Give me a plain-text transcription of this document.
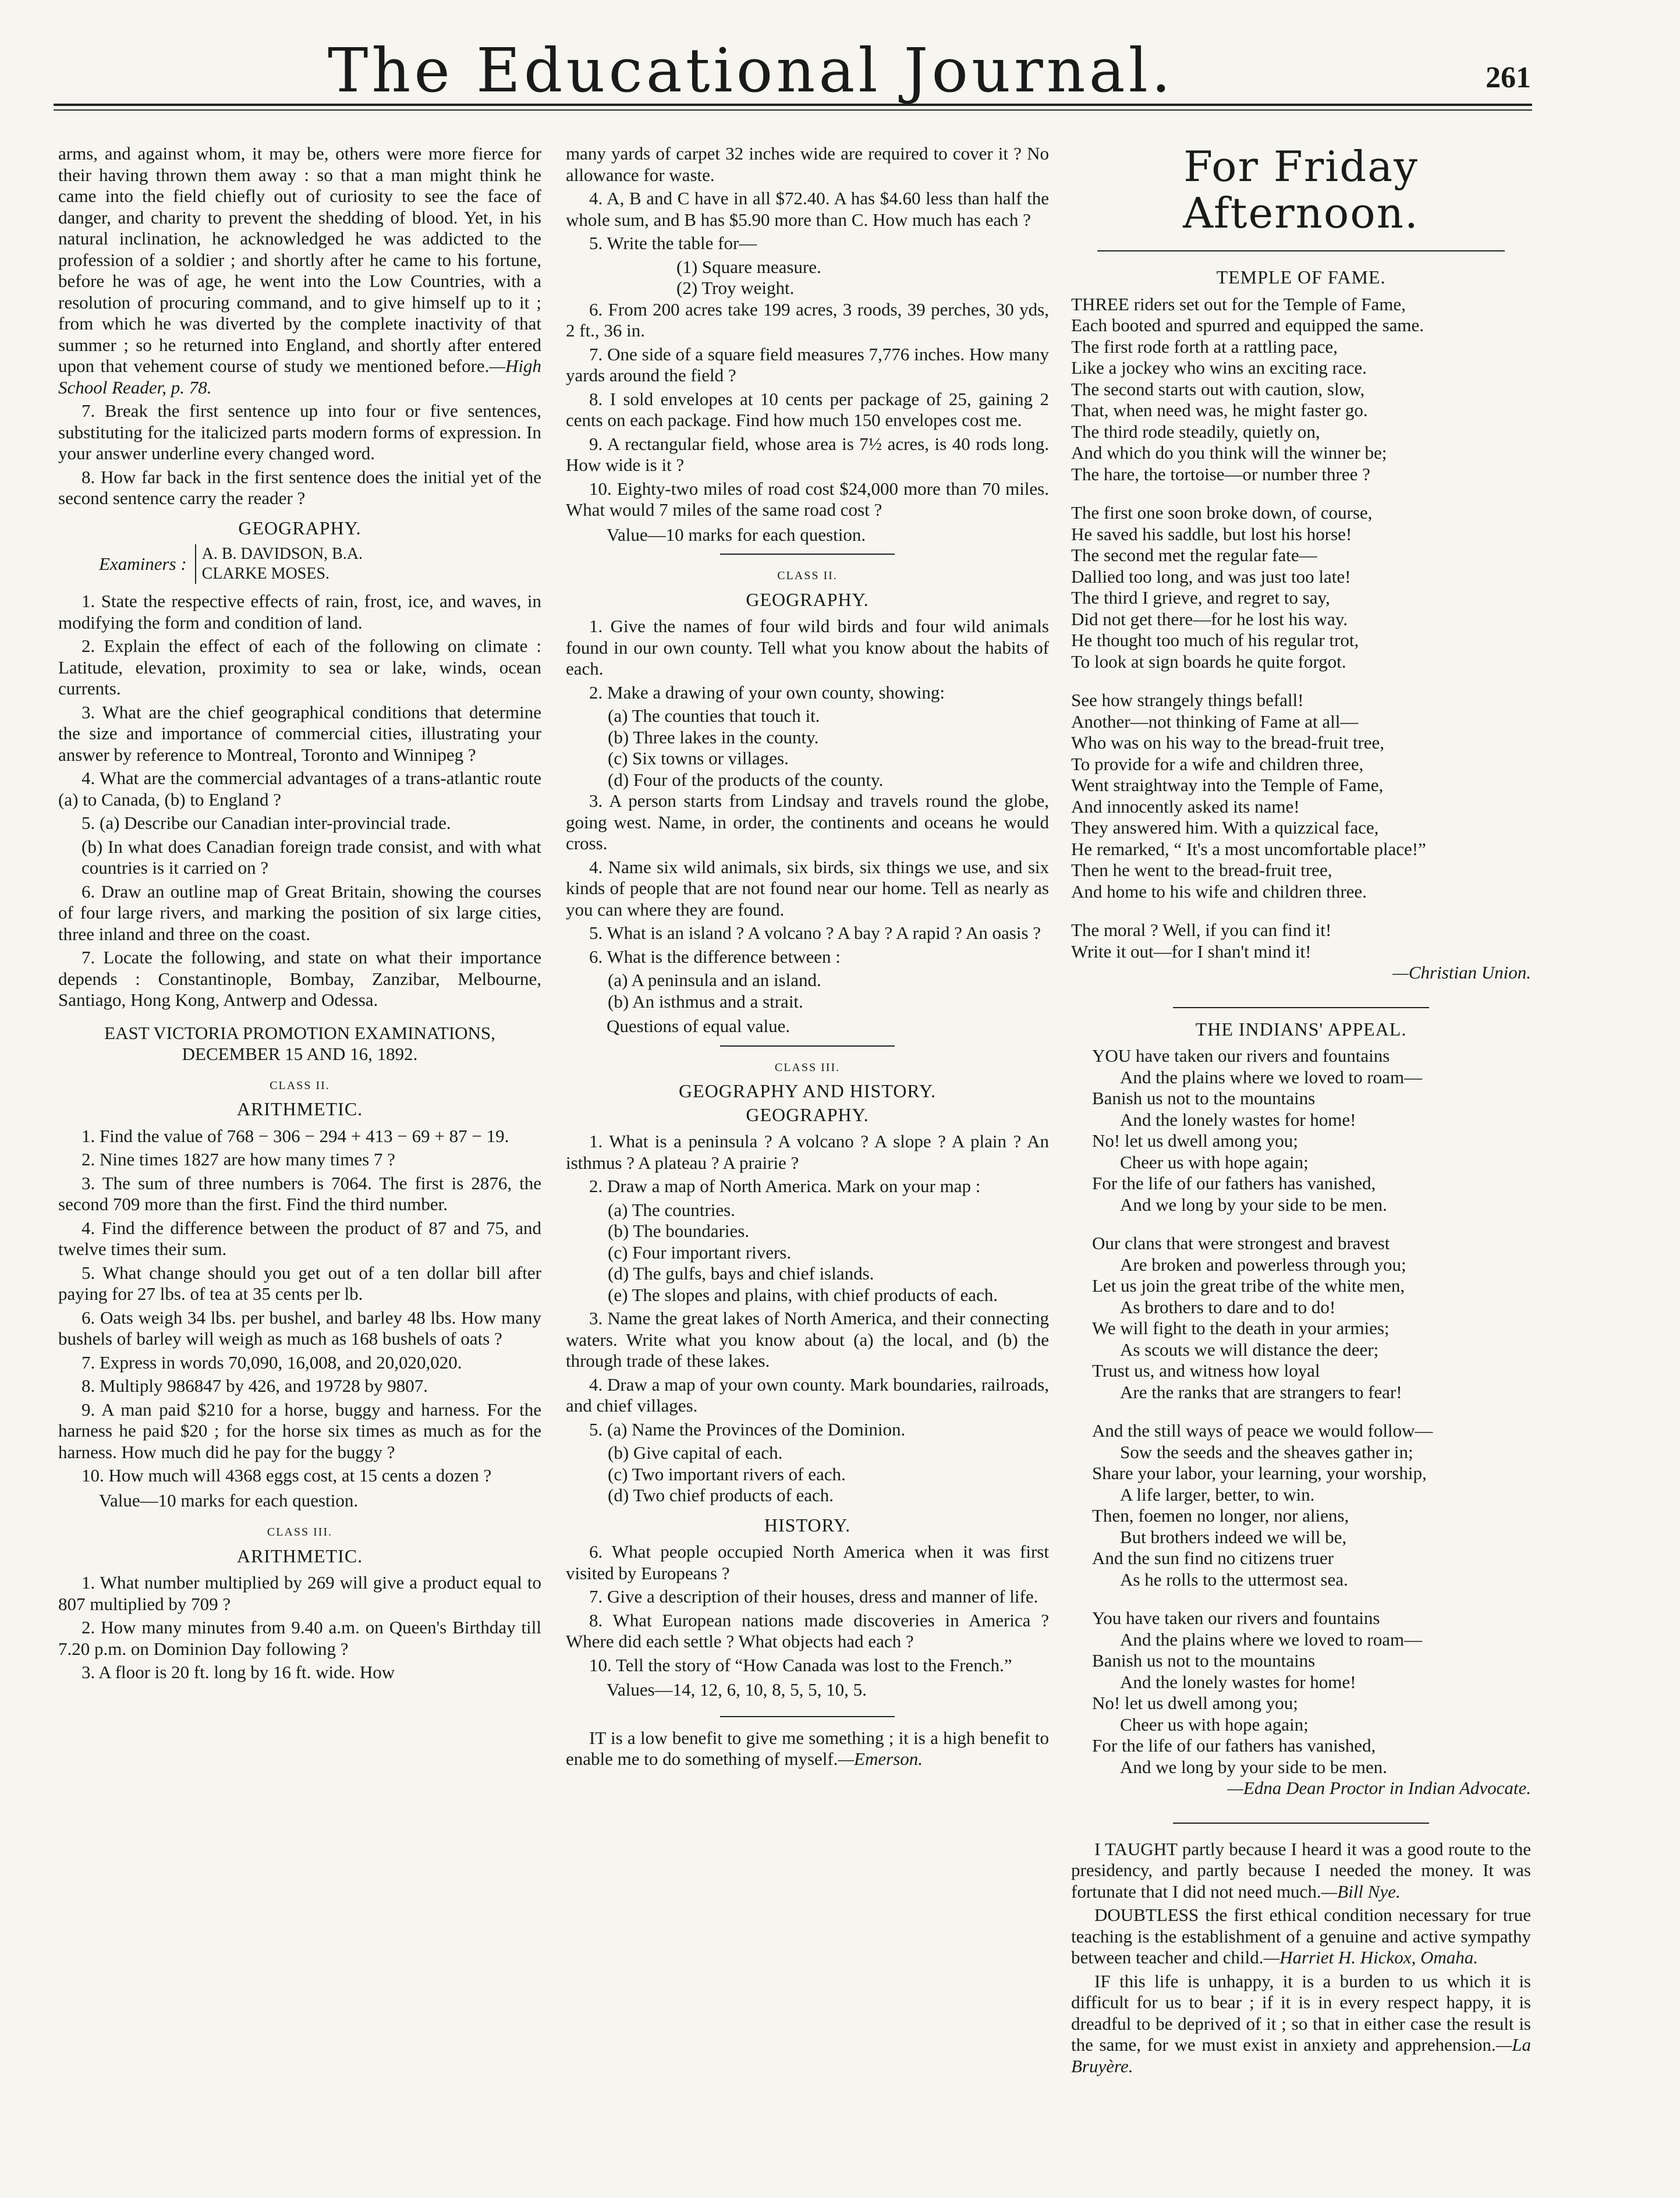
The Educational Journal.	261

arms, and against whom, it may be, others were more fierce for their having thrown them away : so that a man might think he came into the field chiefly out of curiosity to see the face of danger, and charity to prevent the shedding of blood. Yet, in his natural inclination, he acknowledged he was addicted to the profession of a soldier ; and shortly after he came to his fortune, before he was of age, he went into the Low Countries, with a resolution of procuring command, and to give himself up to it ; from which he was diverted by the complete inactivity of that summer ; so he returned into England, and shortly after entered upon that vehement course of study we mentioned before.—High School Reader, p. 78.

7. Break the first sentence up into four or five sentences, substituting for the italicized parts modern forms of expression. In your answer underline every changed word.

8. How far back in the first sentence does the initial yet of the second sentence carry the reader ?

GEOGRAPHY.
Examiners : A. B. DAVIDSON, B.A.
CLARKE MOSES.

1. State the respective effects of rain, frost, ice, and waves, in modifying the form and condition of land.

2. Explain the effect of each of the following on climate : Latitude, elevation, proximity to sea or lake, winds, ocean currents.

3. What are the chief geographical conditions that determine the size and importance of commercial cities, illustrating your answer by reference to Montreal, Toronto and Winnipeg ?

4. What are the commercial advantages of a trans-atlantic route (a) to Canada, (b) to England ?

5. (a) Describe our Canadian inter-provincial trade.

(b) In what does Canadian foreign trade consist, and with what countries is it carried on ?

6. Draw an outline map of Great Britain, showing the courses of four large rivers, and marking the position of six large cities, three inland and three on the coast.

7. Locate the following, and state on what their importance depends : Constantinople, Bombay, Zanzibar, Melbourne, Santiago, Hong Kong, Antwerp and Odessa.

EAST VICTORIA PROMOTION EXAMINATIONS, DECEMBER 15 AND 16, 1892.
CLASS II.
ARITHMETIC.

1. Find the value of 768 − 306 − 294 + 413 − 69 + 87 − 19.

2. Nine times 1827 are how many times 7 ?

3. The sum of three numbers is 7064. The first is 2876, the second 709 more than the first. Find the third number.

4. Find the difference between the product of 87 and 75, and twelve times their sum.

5. What change should you get out of a ten dollar bill after paying for 27 lbs. of tea at 35 cents per lb.

6. Oats weigh 34 lbs. per bushel, and barley 48 lbs. How many bushels of barley will weigh as much as 168 bushels of oats ?

7. Express in words 70,090, 16,008, and 20,020,020.

8. Multiply 986847 by 426, and 19728 by 9807.

9. A man paid $210 for a horse, buggy and harness. For the harness he paid $20 ; for the horse six times as much as for the harness. How much did he pay for the buggy ?

10. How much will 4368 eggs cost, at 15 cents a dozen ?

Value—10 marks for each question.

CLASS III.
ARITHMETIC.

1. What number multiplied by 269 will give a product equal to 807 multiplied by 709 ?

2. How many minutes from 9.40 a.m. on Queen's Birthday till 7.20 p.m. on Dominion Day following ?

3. A floor is 20 ft. long by 16 ft. wide. How

many yards of carpet 32 inches wide are required to cover it ? No allowance for waste.

4. A, B and C have in all $72.40. A has $4.60 less than half the whole sum, and B has $5.90 more than C. How much has each ?

5. Write the table for—

(1) Square measure.

(2) Troy weight.

6. From 200 acres take 199 acres, 3 roods, 39 perches, 30 yds, 2 ft., 36 in.

7. One side of a square field measures 7,776 inches. How many yards around the field ?

8. I sold envelopes at 10 cents per package of 25, gaining 2 cents on each package. Find how much 150 envelopes cost me.

9. A rectangular field, whose area is 7½ acres, is 40 rods long. How wide is it ?

10. Eighty-two miles of road cost $24,000 more than 70 miles. What would 7 miles of the same road cost ?

Value—10 marks for each question.

CLASS II.
GEOGRAPHY.

1. Give the names of four wild birds and four wild animals found in our own county. Tell what you know about the habits of each.

2. Make a drawing of your own county, showing:

(a) The counties that touch it.

(b) Three lakes in the county.

(c) Six towns or villages.

(d) Four of the products of the county.

3. A person starts from Lindsay and travels round the globe, going west. Name, in order, the continents and oceans he would cross.

4. Name six wild animals, six birds, six things we use, and six kinds of people that are not found near our home. Tell as nearly as you can where they are found.

5. What is an island ? A volcano ? A bay ? A rapid ? An oasis ?

6. What is the difference between :

(a) A peninsula and an island.

(b) An isthmus and a strait.

Questions of equal value.

CLASS III.
GEOGRAPHY AND HISTORY.
GEOGRAPHY.

1. What is a peninsula ? A volcano ? A slope ? A plain ? An isthmus ? A plateau ? A prairie ?

2. Draw a map of North America. Mark on your map :

(a) The countries.

(b) The boundaries.

(c) Four important rivers.

(d) The gulfs, bays and chief islands.

(e) The slopes and plains, with chief products of each.

3. Name the great lakes of North America, and their connecting waters. Write what you know about (a) the local, and (b) the through trade of these lakes.

4. Draw a map of your own county. Mark boundaries, railroads, and chief villages.

5. (a) Name the Provinces of the Dominion.

(b) Give capital of each.

(c) Two important rivers of each.

(d) Two chief products of each.

HISTORY.

6. What people occupied North America when it was first visited by Europeans ?

7. Give a description of their houses, dress and manner of life.

8. What European nations made discoveries in America ? Where did each settle ? What objects had each ?

10. Tell the story of “How Canada was lost to the French.”

Values—14, 12, 6, 10, 8, 5, 5, 10, 5.

IT is a low benefit to give me something ; it is a high benefit to enable me to do something of myself.—Emerson.

For Friday Afternoon.
TEMPLE OF FAME.
THREE riders set out for the Temple of Fame,
Each booted and spurred and equipped the same.
The first rode forth at a rattling pace,
Like a jockey who wins an exciting race.
The second starts out with caution, slow,
That, when need was, he might faster go.
The third rode steadily, quietly on,
And which do you think will the winner be;
The hare, the tortoise—or number three ?
The first one soon broke down, of course,
He saved his saddle, but lost his horse!
The second met the regular fate—
Dallied too long, and was just too late!
The third I grieve, and regret to say,
Did not get there—for he lost his way.
He thought too much of his regular trot,
To look at sign boards he quite forgot.
See how strangely things befall!
Another—not thinking of Fame at all—
Who was on his way to the bread-fruit tree,
To provide for a wife and children three,
Went straightway into the Temple of Fame,
And innocently asked its name!
They answered him. With a quizzical face,
He remarked, “ It's a most uncomfortable place!”
Then he went to the bread-fruit tree,
And home to his wife and children three.
The moral ? Well, if you can find it!
Write it out—for I shan't mind it!

—Christian Union.

THE INDIANS' APPEAL.
YOU have taken our rivers and fountains
And the plains where we loved to roam—
Banish us not to the mountains
And the lonely wastes for home!
No! let us dwell among you;
Cheer us with hope again;
For the life of our fathers has vanished,
And we long by your side to be men.
Our clans that were strongest and bravest
Are broken and powerless through you;
Let us join the great tribe of the white men,
As brothers to dare and to do!
We will fight to the death in your armies;
As scouts we will distance the deer;
Trust us, and witness how loyal
Are the ranks that are strangers to fear!
And the still ways of peace we would follow—
Sow the seeds and the sheaves gather in;
Share your labor, your learning, your worship,
A life larger, better, to win.
Then, foemen no longer, nor aliens,
But brothers indeed we will be,
And the sun find no citizens truer
As he rolls to the uttermost sea.
You have taken our rivers and fountains
And the plains where we loved to roam—
Banish us not to the mountains
And the lonely wastes for home!
No! let us dwell among you;
Cheer us with hope again;
For the life of our fathers has vanished,
And we long by your side to be men.

—Edna Dean Proctor in Indian Advocate.

I TAUGHT partly because I heard it was a good route to the presidency, and partly because I needed the money. It was fortunate that I did not need much.—Bill Nye.

DOUBTLESS the first ethical condition necessary for true teaching is the establishment of a genuine and active sympathy between teacher and child.—Harriet H. Hickox, Omaha.

IF this life is unhappy, it is a burden to us which it is difficult for us to bear ; if it is in every respect happy, it is dreadful to be deprived of it ; so that in either case the result is the same, for we must exist in anxiety and apprehension.—La Bruyère.
